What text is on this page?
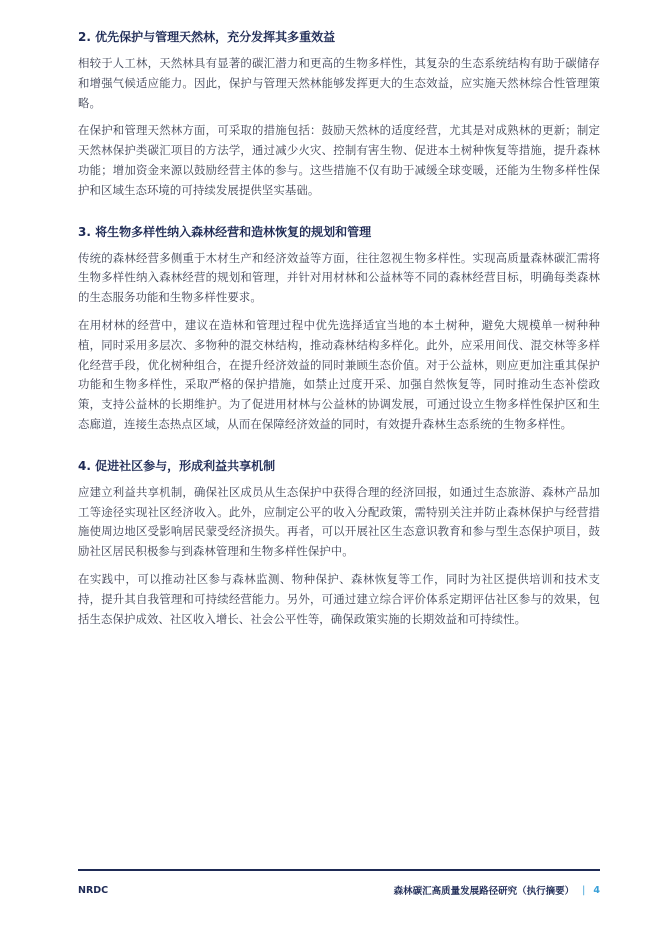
2. 优先保护与管理天然林，充分发挥其多重效益

相较于人工林，天然林具有显著的碳汇潜力和更高的生物多样性，其复杂的生态系统结构有助于碳储存和增强气候适应能力。因此，保护与管理天然林能够发挥更大的生态效益，应实施天然林综合性管理策略。

在保护和管理天然林方面，可采取的措施包括：鼓励天然林的适度经营，尤其是对成熟林的更新；制定天然林保护类碳汇项目的方法学，通过减少火灾、控制有害生物、促进本土树种恢复等措施，提升森林功能；增加资金来源以鼓励经营主体的参与。这些措施不仅有助于减缓全球变暖，还能为生物多样性保护和区域生态环境的可持续发展提供坚实基础。

3. 将生物多样性纳入森林经营和造林恢复的规划和管理

传统的森林经营多侧重于木材生产和经济效益等方面，往往忽视生物多样性。实现高质量森林碳汇需将生物多样性纳入森林经营的规划和管理，并针对用材林和公益林等不同的森林经营目标，明确每类森林的生态服务功能和生物多样性要求。

在用材林的经营中，建议在造林和管理过程中优先选择适宜当地的本土树种，避免大规模单一树种种植，同时采用多层次、多物种的混交林结构，推动森林结构多样化。此外，应采用间伐、混交林等多样化经营手段，优化树种组合，在提升经济效益的同时兼顾生态价值。对于公益林，则应更加注重其保护功能和生物多样性，采取严格的保护措施，如禁止过度开采、加强自然恢复等，同时推动生态补偿政策，支持公益林的长期维护。为了促进用材林与公益林的协调发展，可通过设立生物多样性保护区和生态廊道，连接生态热点区域，从而在保障经济效益的同时，有效提升森林生态系统的生物多样性。

4. 促进社区参与，形成利益共享机制

应建立利益共享机制，确保社区成员从生态保护中获得合理的经济回报，如通过生态旅游、森林产品加工等途径实现社区经济收入。此外，应制定公平的收入分配政策，需特别关注并防止森林保护与经营措施使周边地区受影响居民蒙受经济损失。再者，可以开展社区生态意识教育和参与型生态保护项目，鼓励社区居民积极参与到森林管理和生物多样性保护中。

在实践中，可以推动社区参与森林监测、物种保护、森林恢复等工作，同时为社区提供培训和技术支持，提升其自我管理和可持续经营能力。另外，可通过建立综合评价体系定期评估社区参与的效果，包括生态保护成效、社区收入增长、社会公平性等，确保政策实施的长期效益和可持续性。

NRDC	森林碳汇高质量发展路径研究（执行摘要） | 4
